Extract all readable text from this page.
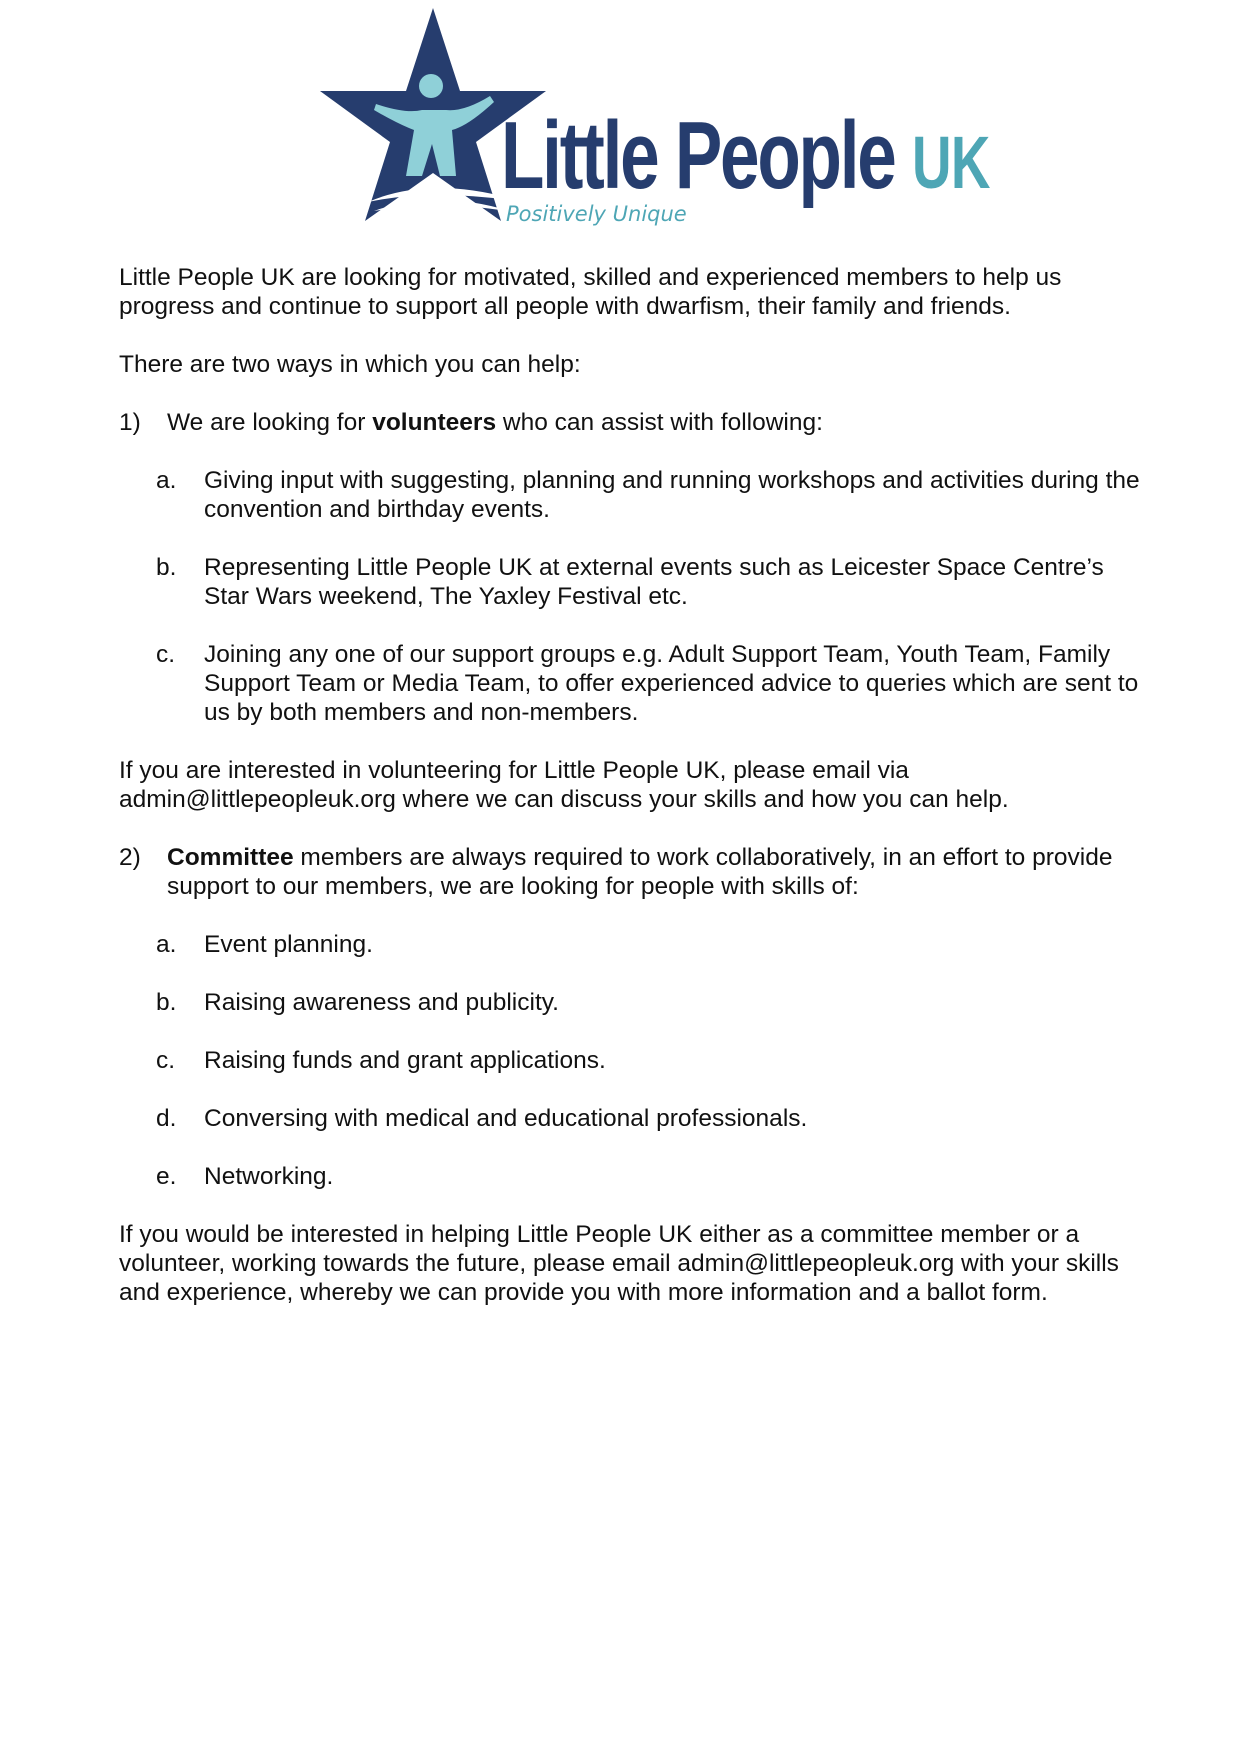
Little People UK
Positively Unique

Little People UK are looking for motivated, skilled and experienced members to help us progress and continue to support all people with dwarfism, their family and friends.

There are two ways in which you can help:

1) We are looking for volunteers who can assist with following:
a. Giving input with suggesting, planning and running workshops and activities during the convention and birthday events.
b. Representing Little People UK at external events such as Leicester Space Centre’s Star Wars weekend, The Yaxley Festival etc.
c. Joining any one of our support groups e.g. Adult Support Team, Youth Team, Family Support Team or Media Team, to offer experienced advice to queries which are sent to us by both members and non-members.

If you are interested in volunteering for Little People UK, please email via admin@littlepeopleuk.org where we can discuss your skills and how you can help.

2) Committee members are always required to work collaboratively, in an effort to provide support to our members, we are looking for people with skills of:
a. Event planning.
b. Raising awareness and publicity.
c. Raising funds and grant applications.
d. Conversing with medical and educational professionals.
e. Networking.

If you would be interested in helping Little People UK either as a committee member or a volunteer, working towards the future, please email admin@littlepeopleuk.org with your skills and experience, whereby we can provide you with more information and a ballot form.
